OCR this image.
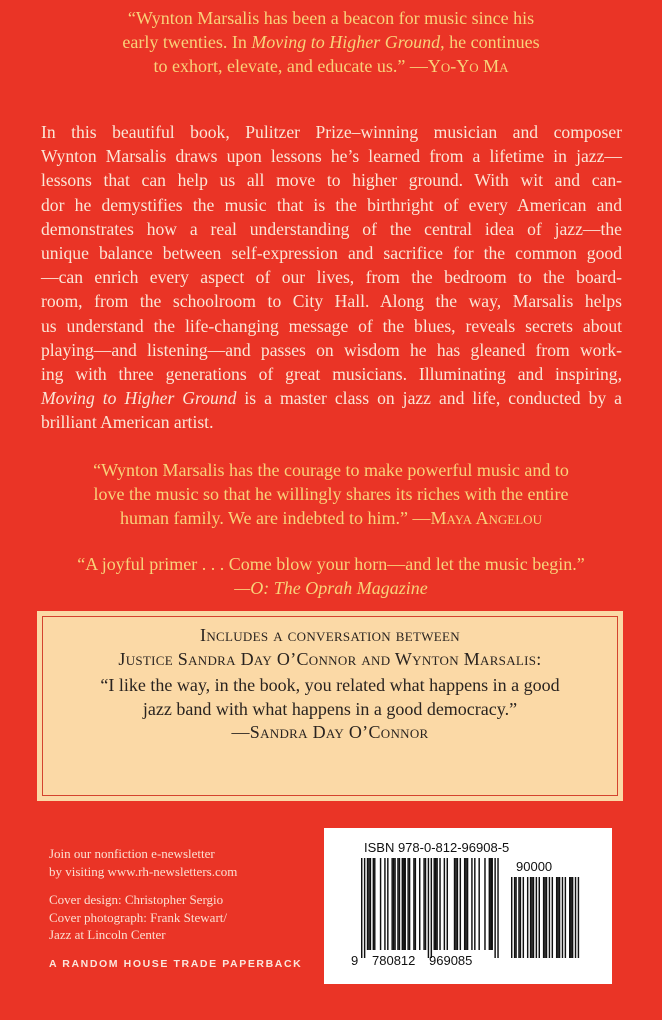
“Wynton Marsalis has been a beacon for music since his
early twenties. In Moving to Higher Ground, he continues
to exhort, elevate, and educate us.” —Yo-Yo Ma
In this beautiful book, Pulitzer Prize–winning musician and composer
Wynton Marsalis draws upon lessons he’s learned from a lifetime in jazz—
lessons that can help us all move to higher ground. With wit and can-
dor he demystifies the music that is the birthright of every American and
demonstrates how a real understanding of the central idea of jazz—the
unique balance between self-expression and sacrifice for the common good
—can enrich every aspect of our lives, from the bedroom to the board-
room, from the schoolroom to City Hall. Along the way, Marsalis helps
us understand the life-changing message of the blues, reveals secrets about
playing—and listening—and passes on wisdom he has gleaned from work-
ing with three generations of great musicians. Illuminating and inspiring,
Moving to Higher Ground is a master class on jazz and life, conducted by a
brilliant American artist.
“Wynton Marsalis has the courage to make powerful music and to
love the music so that he willingly shares its riches with the entire
human family. We are indebted to him.” —Maya Angelou
“A joyful primer . . . Come blow your horn—and let the music begin.”
—O: The Oprah Magazine
Includes a conversation between
Justice Sandra Day O’Connor and Wynton Marsalis:
“I like the way, in the book, you related what happens in a good
jazz band with what happens in a good democracy.”
—Sandra Day O’Connor
Join our nonfiction e-newsletter
by visiting www.rh-newsletters.com
Cover design: Christopher Sergio
Cover photograph: Frank Stewart/
Jazz at Lincoln Center
A RANDOM HOUSE TRADE PAPERBACK
ISBN 978-0-812-96908-5
90000
9 780812 969085
